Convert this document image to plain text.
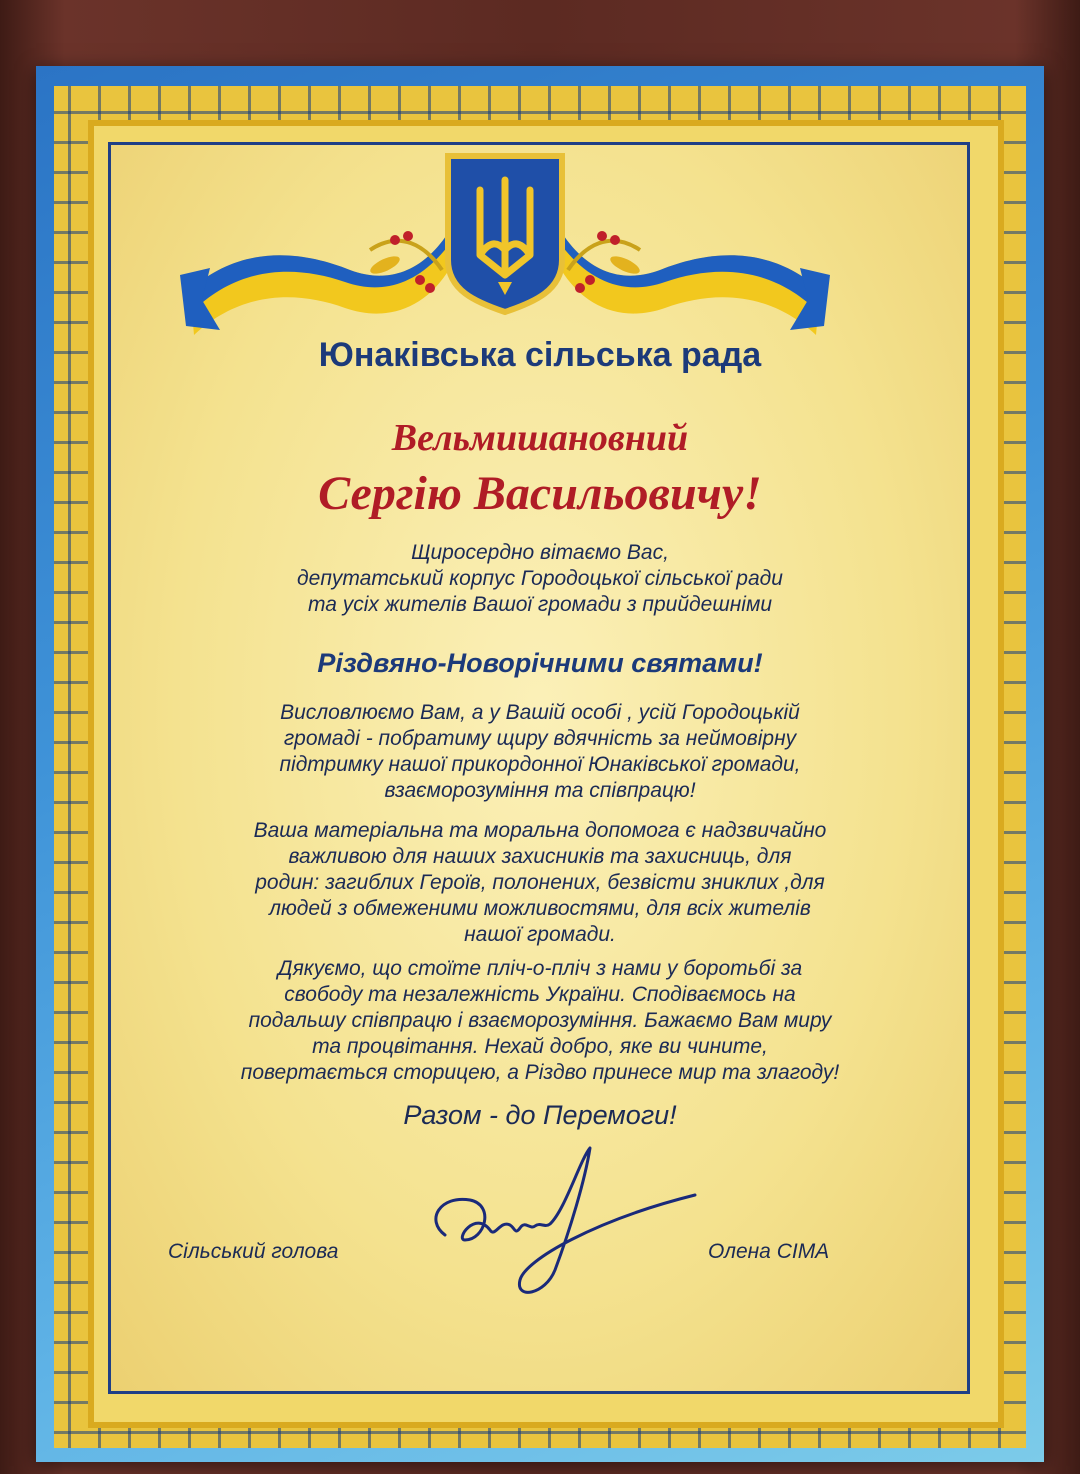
Юнаківська сільська рада

Вельмишановний

Сергію Васильовичу!

Щиросердно вітаємо Вас,
депутатський корпус Городоцької сільської ради
та усіх жителів Вашої громади з прийдешніми

Різдвяно-Новорічними святами!

Висловлюємо Вам, а у Вашій особі , усій Городоцькій
громаді - побратиму щиру вдячність за неймовірну
підтримку нашої прикордонної Юнаківської громади,
взаєморозуміння та співпрацю!

Ваша матеріальна та моральна допомога є надзвичайно
важливою для наших захисників та захисниць, для
родин: загиблих Героїв, полонених, безвісти зниклих ,для
людей з обмеженими можливостями, для всіх жителів
нашої громади.

Дякуємо, що стоїте пліч-о-пліч з нами у боротьбі за
свободу та незалежність України. Сподіваємось на
подальшу співпрацю і взаєморозуміння. Бажаємо Вам миру
та процвітання. Нехай добро, яке ви чините,
повертається сторицею, а Різдво принесе мир та злагоду!

Разом - до Перемоги!

Сільський голова	Олена СІМА
